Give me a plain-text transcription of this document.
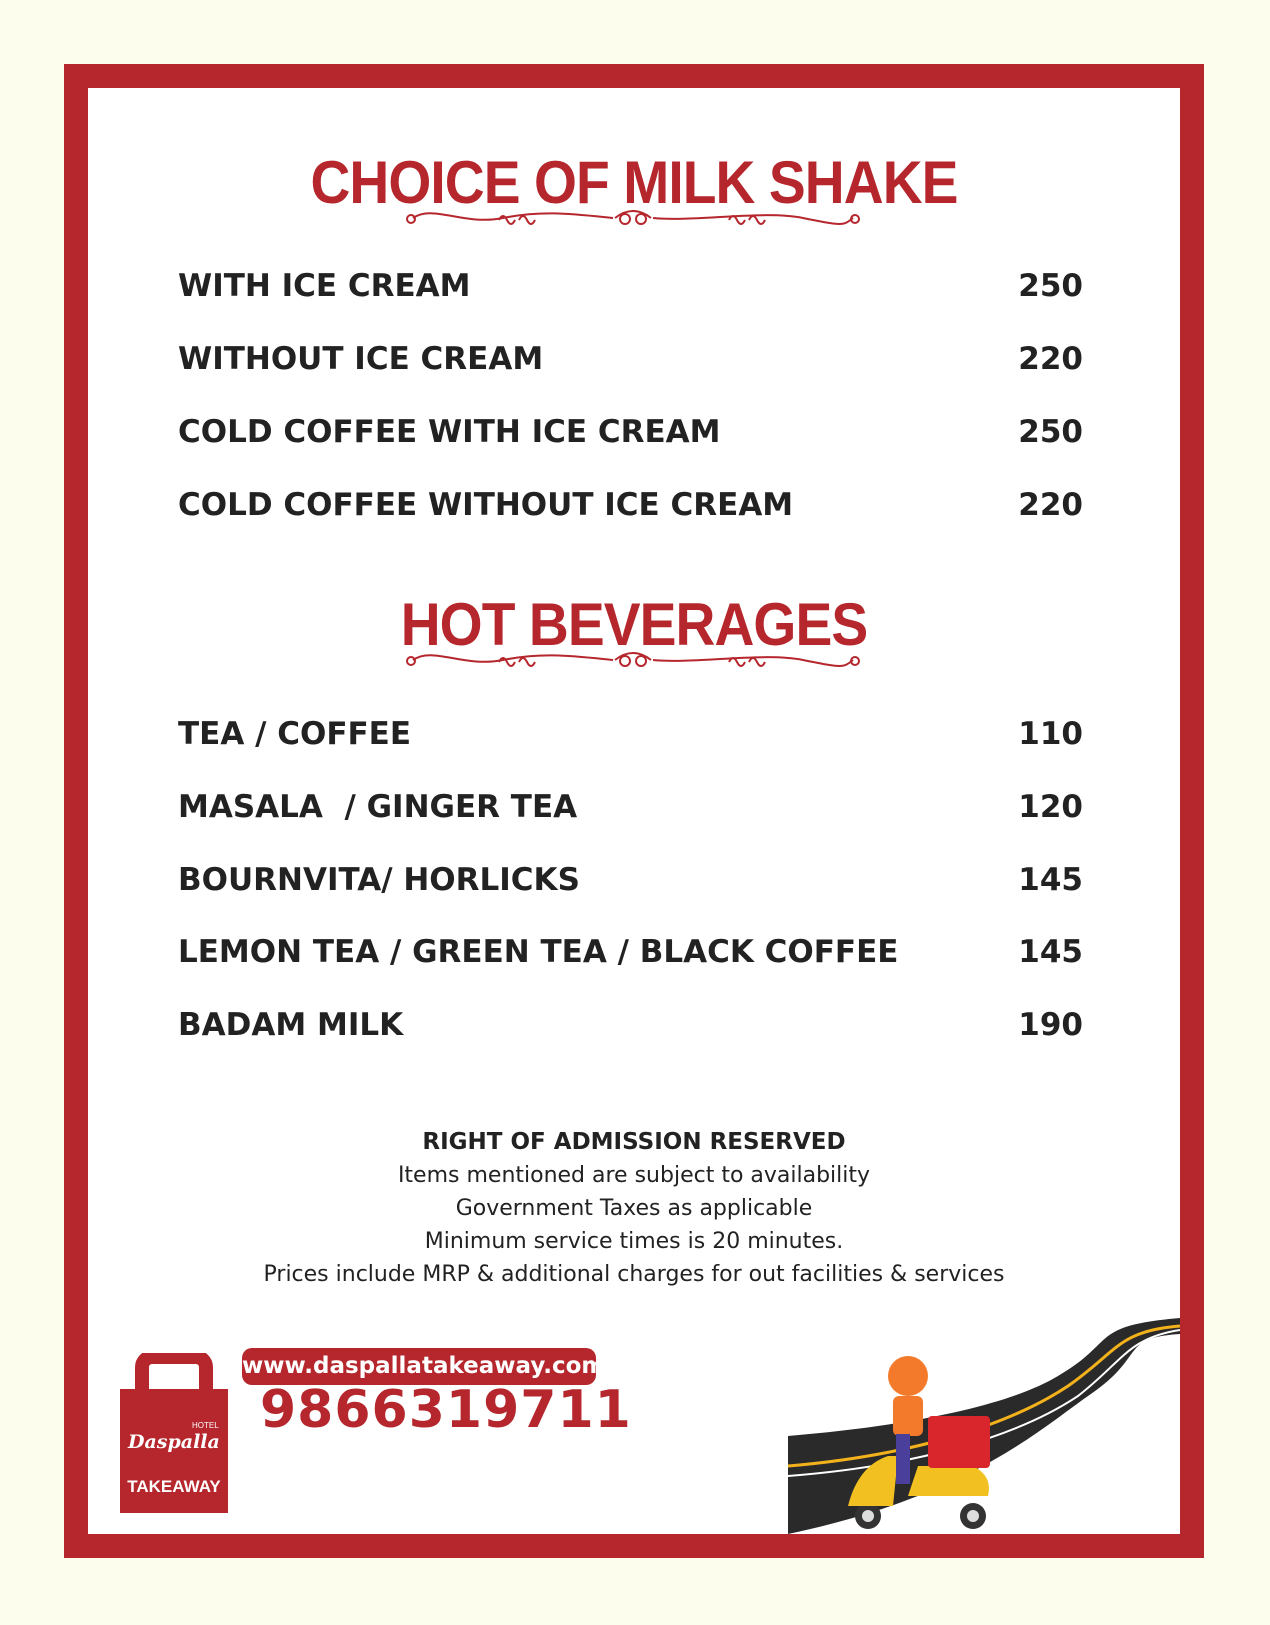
CHOICE OF MILK SHAKE
WITH ICE CREAM	250
WITHOUT ICE CREAM	220
COLD COFFEE WITH ICE CREAM	250
COLD COFFEE WITHOUT ICE CREAM	220
HOT BEVERAGES
TEA / COFFEE	110
MASALA  / GINGER TEA	120
BOURNVITA/ HORLICKS	145
LEMON TEA / GREEN TEA / BLACK COFFEE	145
BADAM MILK	190
RIGHT OF ADMISSION RESERVED
Items mentioned are subject to availability
Government Taxes as applicable
Minimum service times is 20 minutes.
Prices include MRP & additional charges for out facilities & services
Daspalla
HOTEL
TAKEAWAY
www.daspallatakeaway.com
9866319711
